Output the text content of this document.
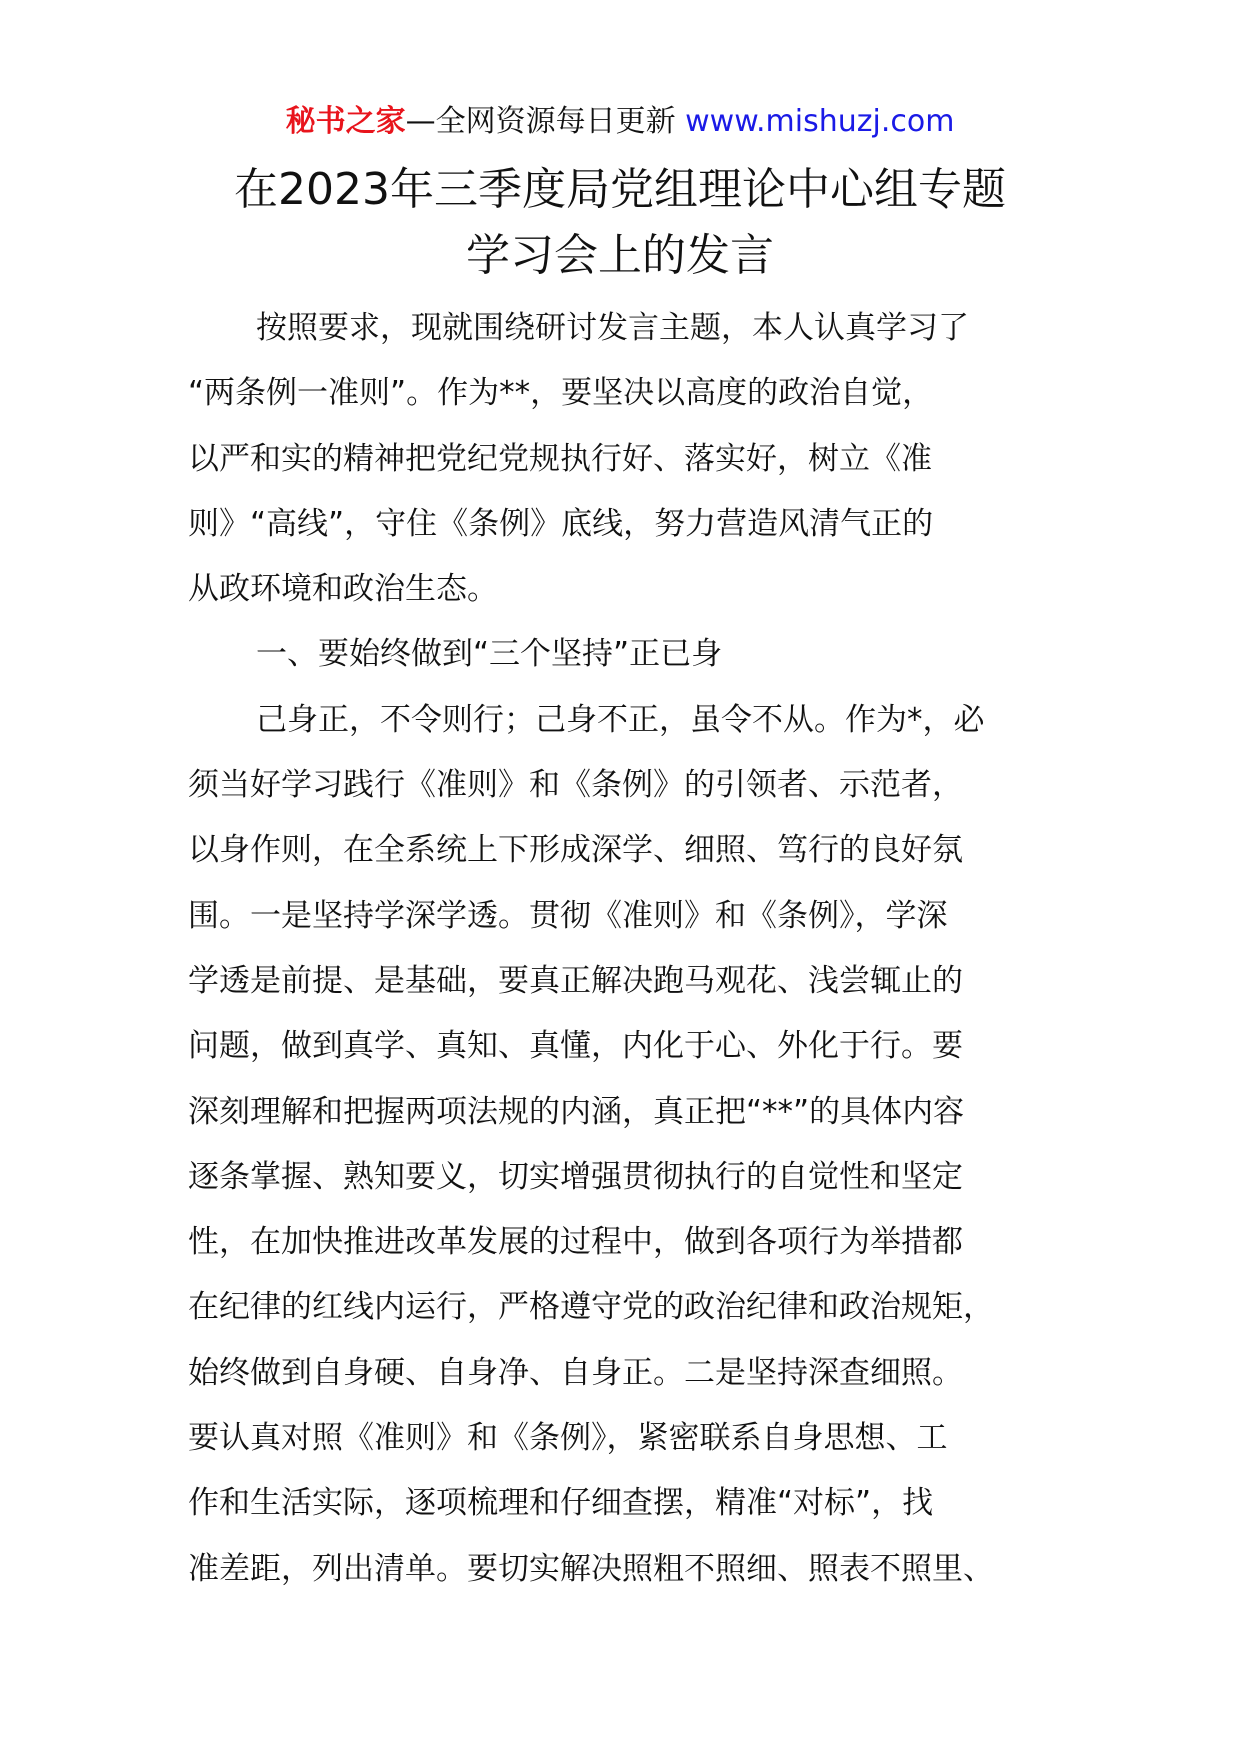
秘书之家—全网资源每日更新 www.mishuzj.com
在2023年三季度局党组理论中心组专题
学习会上的发言
按照要求，现就围绕研讨发言主题，本人认真学习了
“两条例一准则”。作为**，要坚决以高度的政治自觉，
以严和实的精神把党纪党规执行好、落实好，树立《准
则》“高线”，守住《条例》底线，努力营造风清气正的
从政环境和政治生态。
一、要始终做到“三个坚持”正已身
己身正，不令则行；己身不正，虽令不从。作为*，必
须当好学习践行《准则》和《条例》的引领者、示范者，
以身作则，在全系统上下形成深学、细照、笃行的良好氛
围。一是坚持学深学透。贯彻《准则》和《条例》，学深
学透是前提、是基础，要真正解决跑马观花、浅尝辄止的
问题，做到真学、真知、真懂，内化于心、外化于行。要
深刻理解和把握两项法规的内涵，真正把“**”的具体内容
逐条掌握、熟知要义，切实增强贯彻执行的自觉性和坚定
性，在加快推进改革发展的过程中，做到各项行为举措都
在纪律的红线内运行，严格遵守党的政治纪律和政治规矩，
始终做到自身硬、自身净、自身正。二是坚持深查细照。
要认真对照《准则》和《条例》，紧密联系自身思想、工
作和生活实际，逐项梳理和仔细查摆，精准“对标”，找
准差距，列出清单。要切实解决照粗不照细、照表不照里、
